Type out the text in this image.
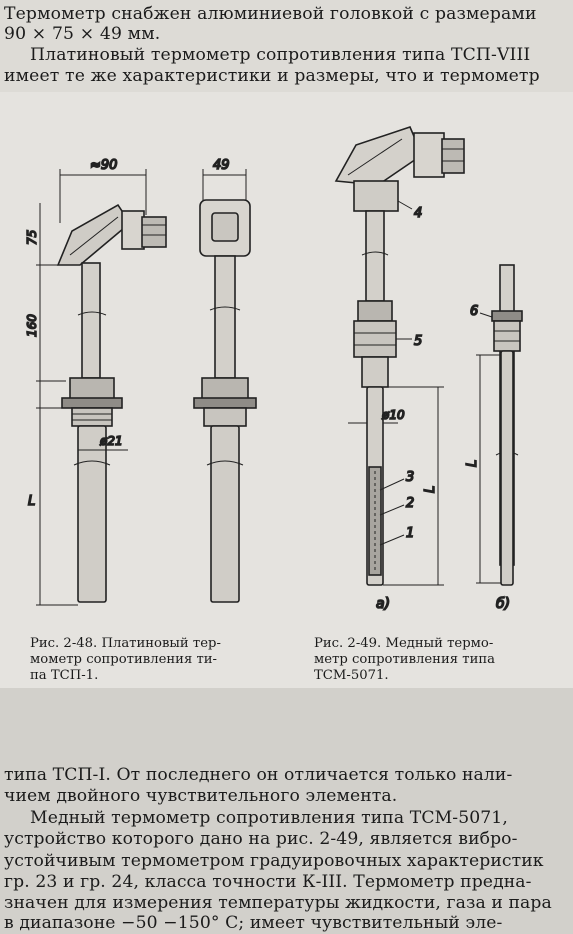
Термометр снабжен алюминиевой головкой с размерами
90 × 75 × 49 мм.
Платиновый термометр сопротивления типа ТСП-VIII
имеет те же характеристики и размеры, что и термометр
≈90	49
75
160
ø21
L
ø10
L
L
4
5
3
2
1
6
а)	б)
Рис. 2-48. Платиновый тер-
мометр сопротивления ти-
па ТСП-1.
Рис. 2-49. Медный термо-
метр сопротивления типа
ТСМ-5071.
типа ТСП-I. От последнего он отличается только нали-
чием двойного чувствительного элемента.
Медный термометр сопротивления типа ТСМ-5071,
устройство которого дано на рис. 2-49, является вибро-
устойчивым термометром градуировочных характеристик
гр. 23 и гр. 24, класса точности К-III. Термометр предна-
значен для измерения температуры жидкости, газа и пара
в диапазоне −50 −150° С; имеет чувствительный эле-
